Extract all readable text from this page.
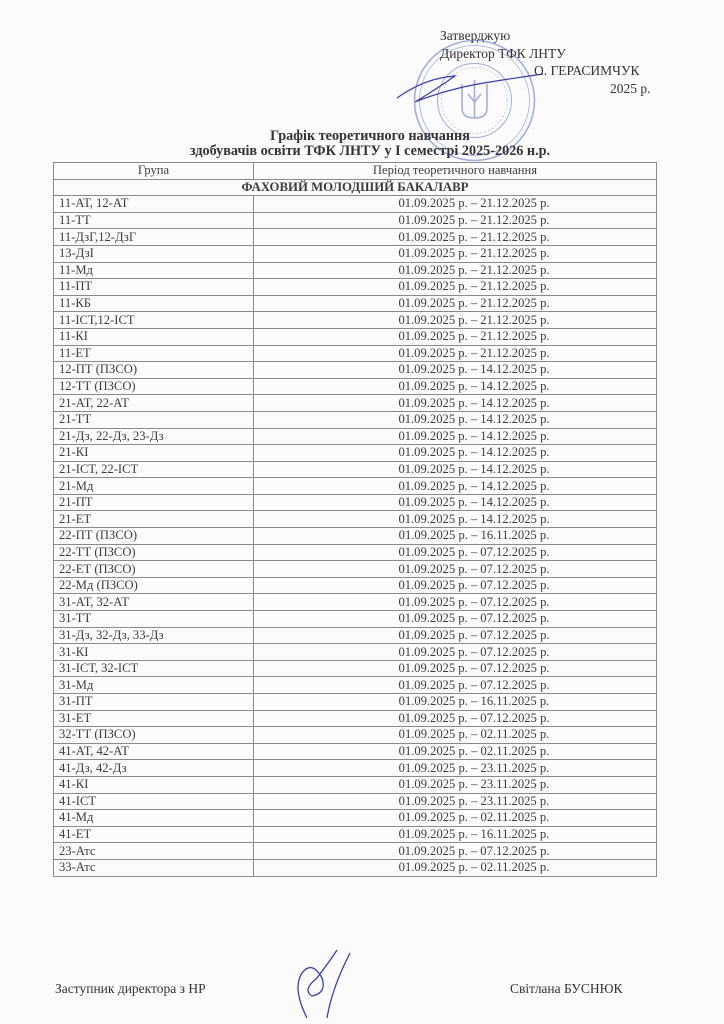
Затверджую
Директор ТФК ЛНТУ
О. ГЕРАСИМЧУК
2025 р.
Графік теоретичного навчання
здобувачів освіти ТФК ЛНТУ у І семестрі 2025-2026 н.р.
Група	Період теоретичного навчання
ФАХОВИЙ МОЛОДШИЙ БАКАЛАВР	
11-АТ, 12-АТ	01.09.2025 р. – 21.12.2025 р.
11-ТТ	01.09.2025 р. – 21.12.2025 р.
11-ДзГ,12-ДзГ	01.09.2025 р. – 21.12.2025 р.
13-ДзІ	01.09.2025 р. – 21.12.2025 р.
11-Мд	01.09.2025 р. – 21.12.2025 р.
11-ПТ	01.09.2025 р. – 21.12.2025 р.
11-КБ	01.09.2025 р. – 21.12.2025 р.
11-ІСТ,12-ІСТ	01.09.2025 р. – 21.12.2025 р.
11-КІ	01.09.2025 р. – 21.12.2025 р.
11-ЕТ	01.09.2025 р. – 21.12.2025 р.
12-ПТ (ПЗСО)	01.09.2025 р. – 14.12.2025 р.
12-ТТ (ПЗСО)	01.09.2025 р. – 14.12.2025 р.
21-АТ, 22-АТ	01.09.2025 р. – 14.12.2025 р.
21-ТТ	01.09.2025 р. – 14.12.2025 р.
21-Дз, 22-Дз, 23-Дз	01.09.2025 р. – 14.12.2025 р.
21-КІ	01.09.2025 р. – 14.12.2025 р.
21-ІСТ, 22-ІСТ	01.09.2025 р. – 14.12.2025 р.
21-Мд	01.09.2025 р. – 14.12.2025 р.
21-ПТ	01.09.2025 р. – 14.12.2025 р.
21-ЕТ	01.09.2025 р. – 14.12.2025 р.
22-ПТ (ПЗСО)	01.09.2025 р. – 16.11.2025 р.
22-ТТ (ПЗСО)	01.09.2025 р. – 07.12.2025 р.
22-ЕТ (ПЗСО)	01.09.2025 р. – 07.12.2025 р.
22-Мд (ПЗСО)	01.09.2025 р. – 07.12.2025 р.
31-АТ, 32-АТ	01.09.2025 р. – 07.12.2025 р.
31-ТТ	01.09.2025 р. – 07.12.2025 р.
31-Дз, 32-Дз, 33-Дз	01.09.2025 р. – 07.12.2025 р.
31-КІ	01.09.2025 р. – 07.12.2025 р.
31-ІСТ, 32-ІСТ	01.09.2025 р. – 07.12.2025 р.
31-Мд	01.09.2025 р. – 07.12.2025 р.
31-ПТ	01.09.2025 р. – 16.11.2025 р.
31-ЕТ	01.09.2025 р. – 07.12.2025 р.
32-ТТ (ПЗСО)	01.09.2025 р. – 02.11.2025 р.
41-АТ, 42-АТ	01.09.2025 р. – 02.11.2025 р.
41-Дз, 42-Дз	01.09.2025 р. – 23.11.2025 р.
41-КІ	01.09.2025 р. – 23.11.2025 р.
41-ІСТ	01.09.2025 р. – 23.11.2025 р.
41-Мд	01.09.2025 р. – 02.11.2025 р.
41-ЕТ	01.09.2025 р. – 16.11.2025 р.
23-Атс	01.09.2025 р. – 07.12.2025 р.
33-Атс	01.09.2025 р. – 02.11.2025 р.
Заступник директора з НР	Світлана БУСНЮК
